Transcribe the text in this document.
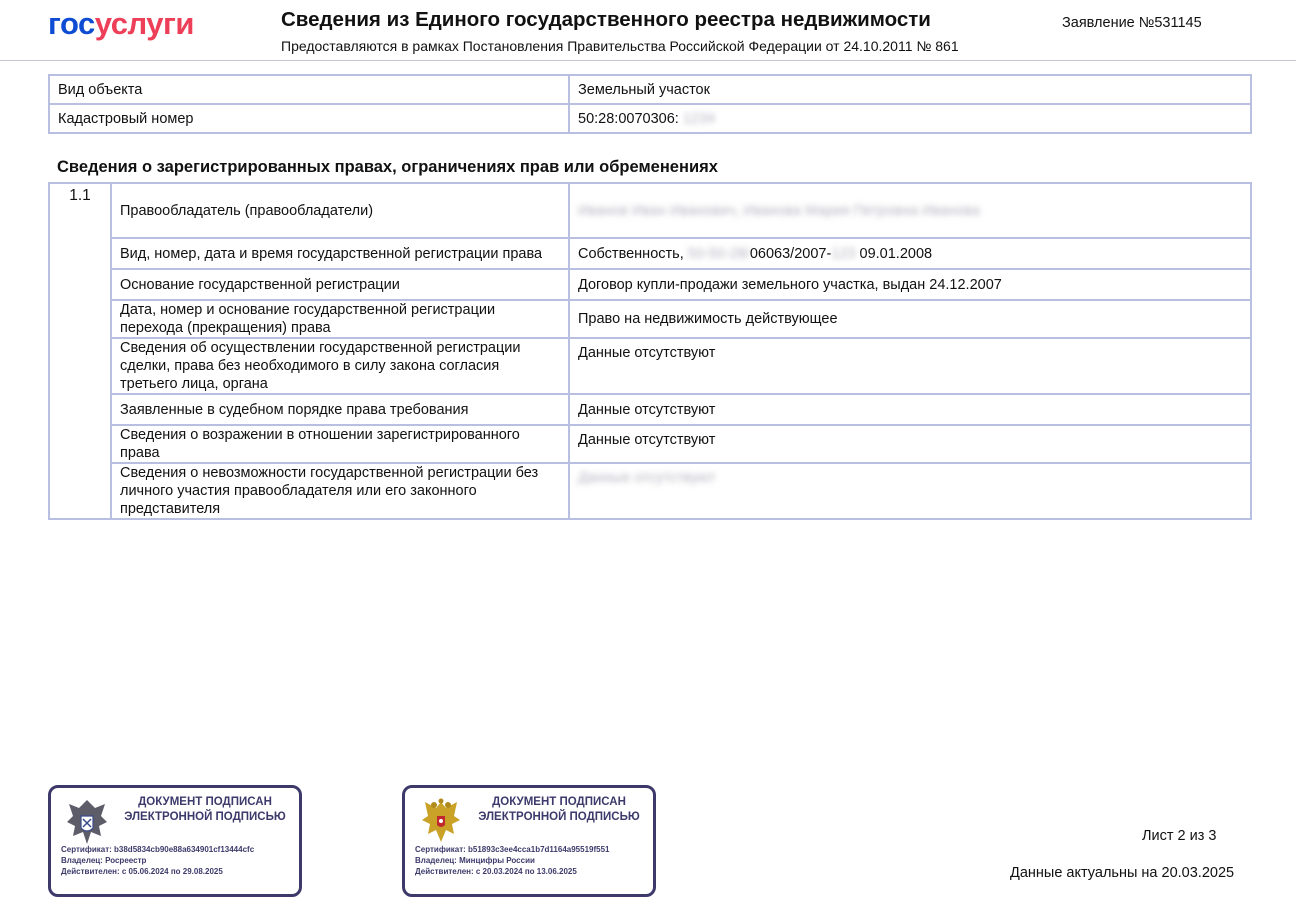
госуслуги	Сведения из Единого государственного реестра недвижимости
Предоставляются в рамках Постановления Правительства Российской Федерации от 24.10.2011 № 861
Заявление №531145
Вид объекта	Земельный участок
Кадастровый номер	50:28:0070306: 1234
Сведения о зарегистрированных правах, ограничениях прав или обременениях
1.1	Правообладатель (правообладатели)	Иванов Иван Иванович, Иванова Мария Петровна Иванова
	Вид, номер, дата и время государственной регистрации права	Собственность, 50-50-28/06063/2007-123 09.01.2008
	Основание государственной регистрации	Договор купли-продажи земельного участка, выдан 24.12.2007
	Дата, номер и основание государственной регистрации перехода (прекращения) права	Право на недвижимость действующее
	Сведения об осуществлении государственной регистрации сделки, права без необходимого в силу закона согласия третьего лица, органа	Данные отсутствуют
	Заявленные в судебном порядке права требования	Данные отсутствуют
	Сведения о возражении в отношении зарегистрированного права	Данные отсутствуют
	Сведения о невозможности государственной регистрации без личного участия правообладателя или его законного представителя	Данные отсутствуют
ДОКУМЕНТ ПОДПИСАН ЭЛЕКТРОННОЙ ПОДПИСЬЮ
Сертификат: b38d5834cb90e88a634901cf13444cfc
Владелец: Росреестр
Действителен: с 05.06.2024 по 29.08.2025
ДОКУМЕНТ ПОДПИСАН ЭЛЕКТРОННОЙ ПОДПИСЬЮ
Сертификат: b51893c3ee4cca1b7d1164a95519f551
Владелец: Минцифры России
Действителен: с 20.03.2024 по 13.06.2025
Лист 2 из 3
Данные актуальны на 20.03.2025
